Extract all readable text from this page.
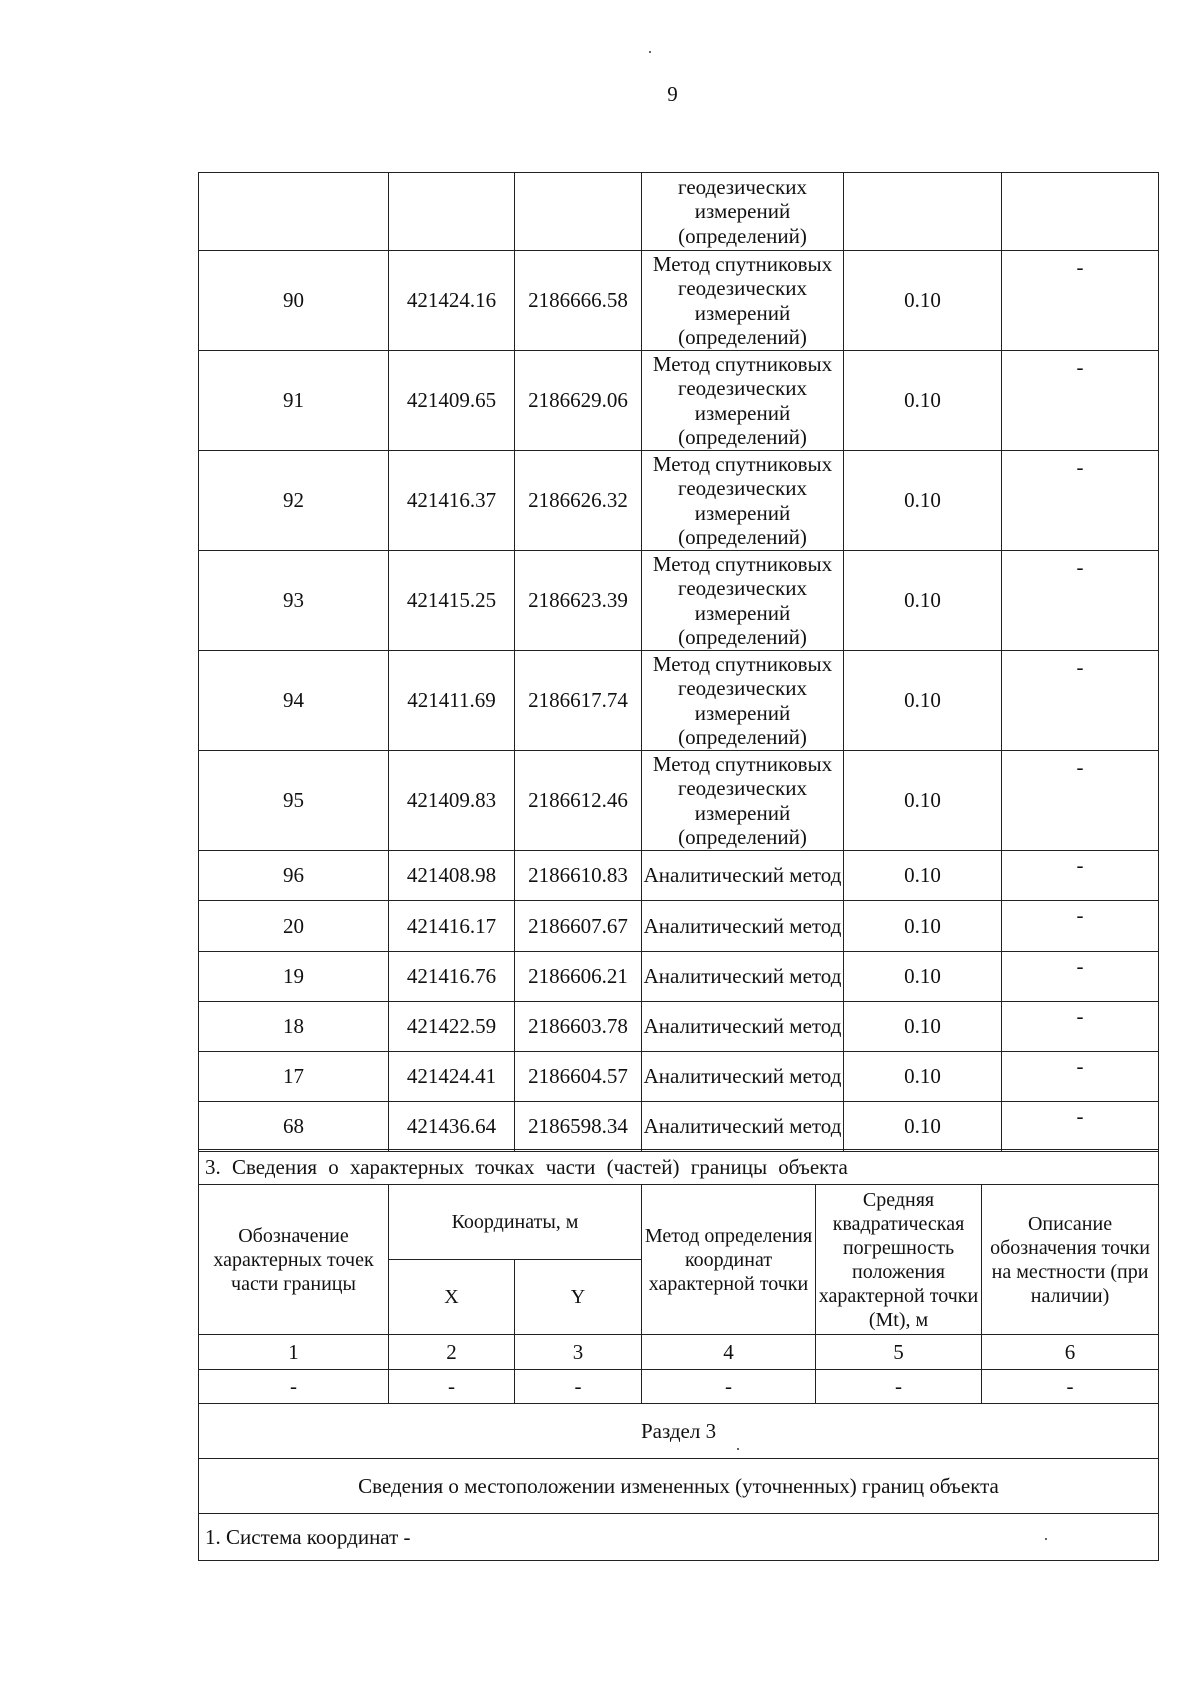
9
			геодезических измерений (определений)		
90	421424.16	2186666.58	Метод спутниковых геодезических измерений (определений)	0.10	-
91	421409.65	2186629.06	Метод спутниковых геодезических измерений (определений)	0.10	-
92	421416.37	2186626.32	Метод спутниковых геодезических измерений (определений)	0.10	-
93	421415.25	2186623.39	Метод спутниковых геодезических измерений (определений)	0.10	-
94	421411.69	2186617.74	Метод спутниковых геодезических измерений (определений)	0.10	-
95	421409.83	2186612.46	Метод спутниковых геодезических измерений (определений)	0.10	-
96	421408.98	2186610.83	Аналитический метод	0.10	-
20	421416.17	2186607.67	Аналитический метод	0.10	-
19	421416.76	2186606.21	Аналитический метод	0.10	-
18	421422.59	2186603.78	Аналитический метод	0.10	-
17	421424.41	2186604.57	Аналитический метод	0.10	-
68	421436.64	2186598.34	Аналитический метод	0.10	-
3. Сведения о характерных точках части (частей) границы объекта					
Обозначение характерных точек части границы	Координаты, м		Метод определения координат характерной точки	Средняя квадратическая погрешность положения характерной точки (Mt), м	Описание обозначения точки на местности (при наличии)
	X	Y			
1	2	3	4	5	6
-	-	-	-	-	-
Раздел 3					
Сведения о местоположении измененных (уточненных) границ объекта					
1. Система координат -					
